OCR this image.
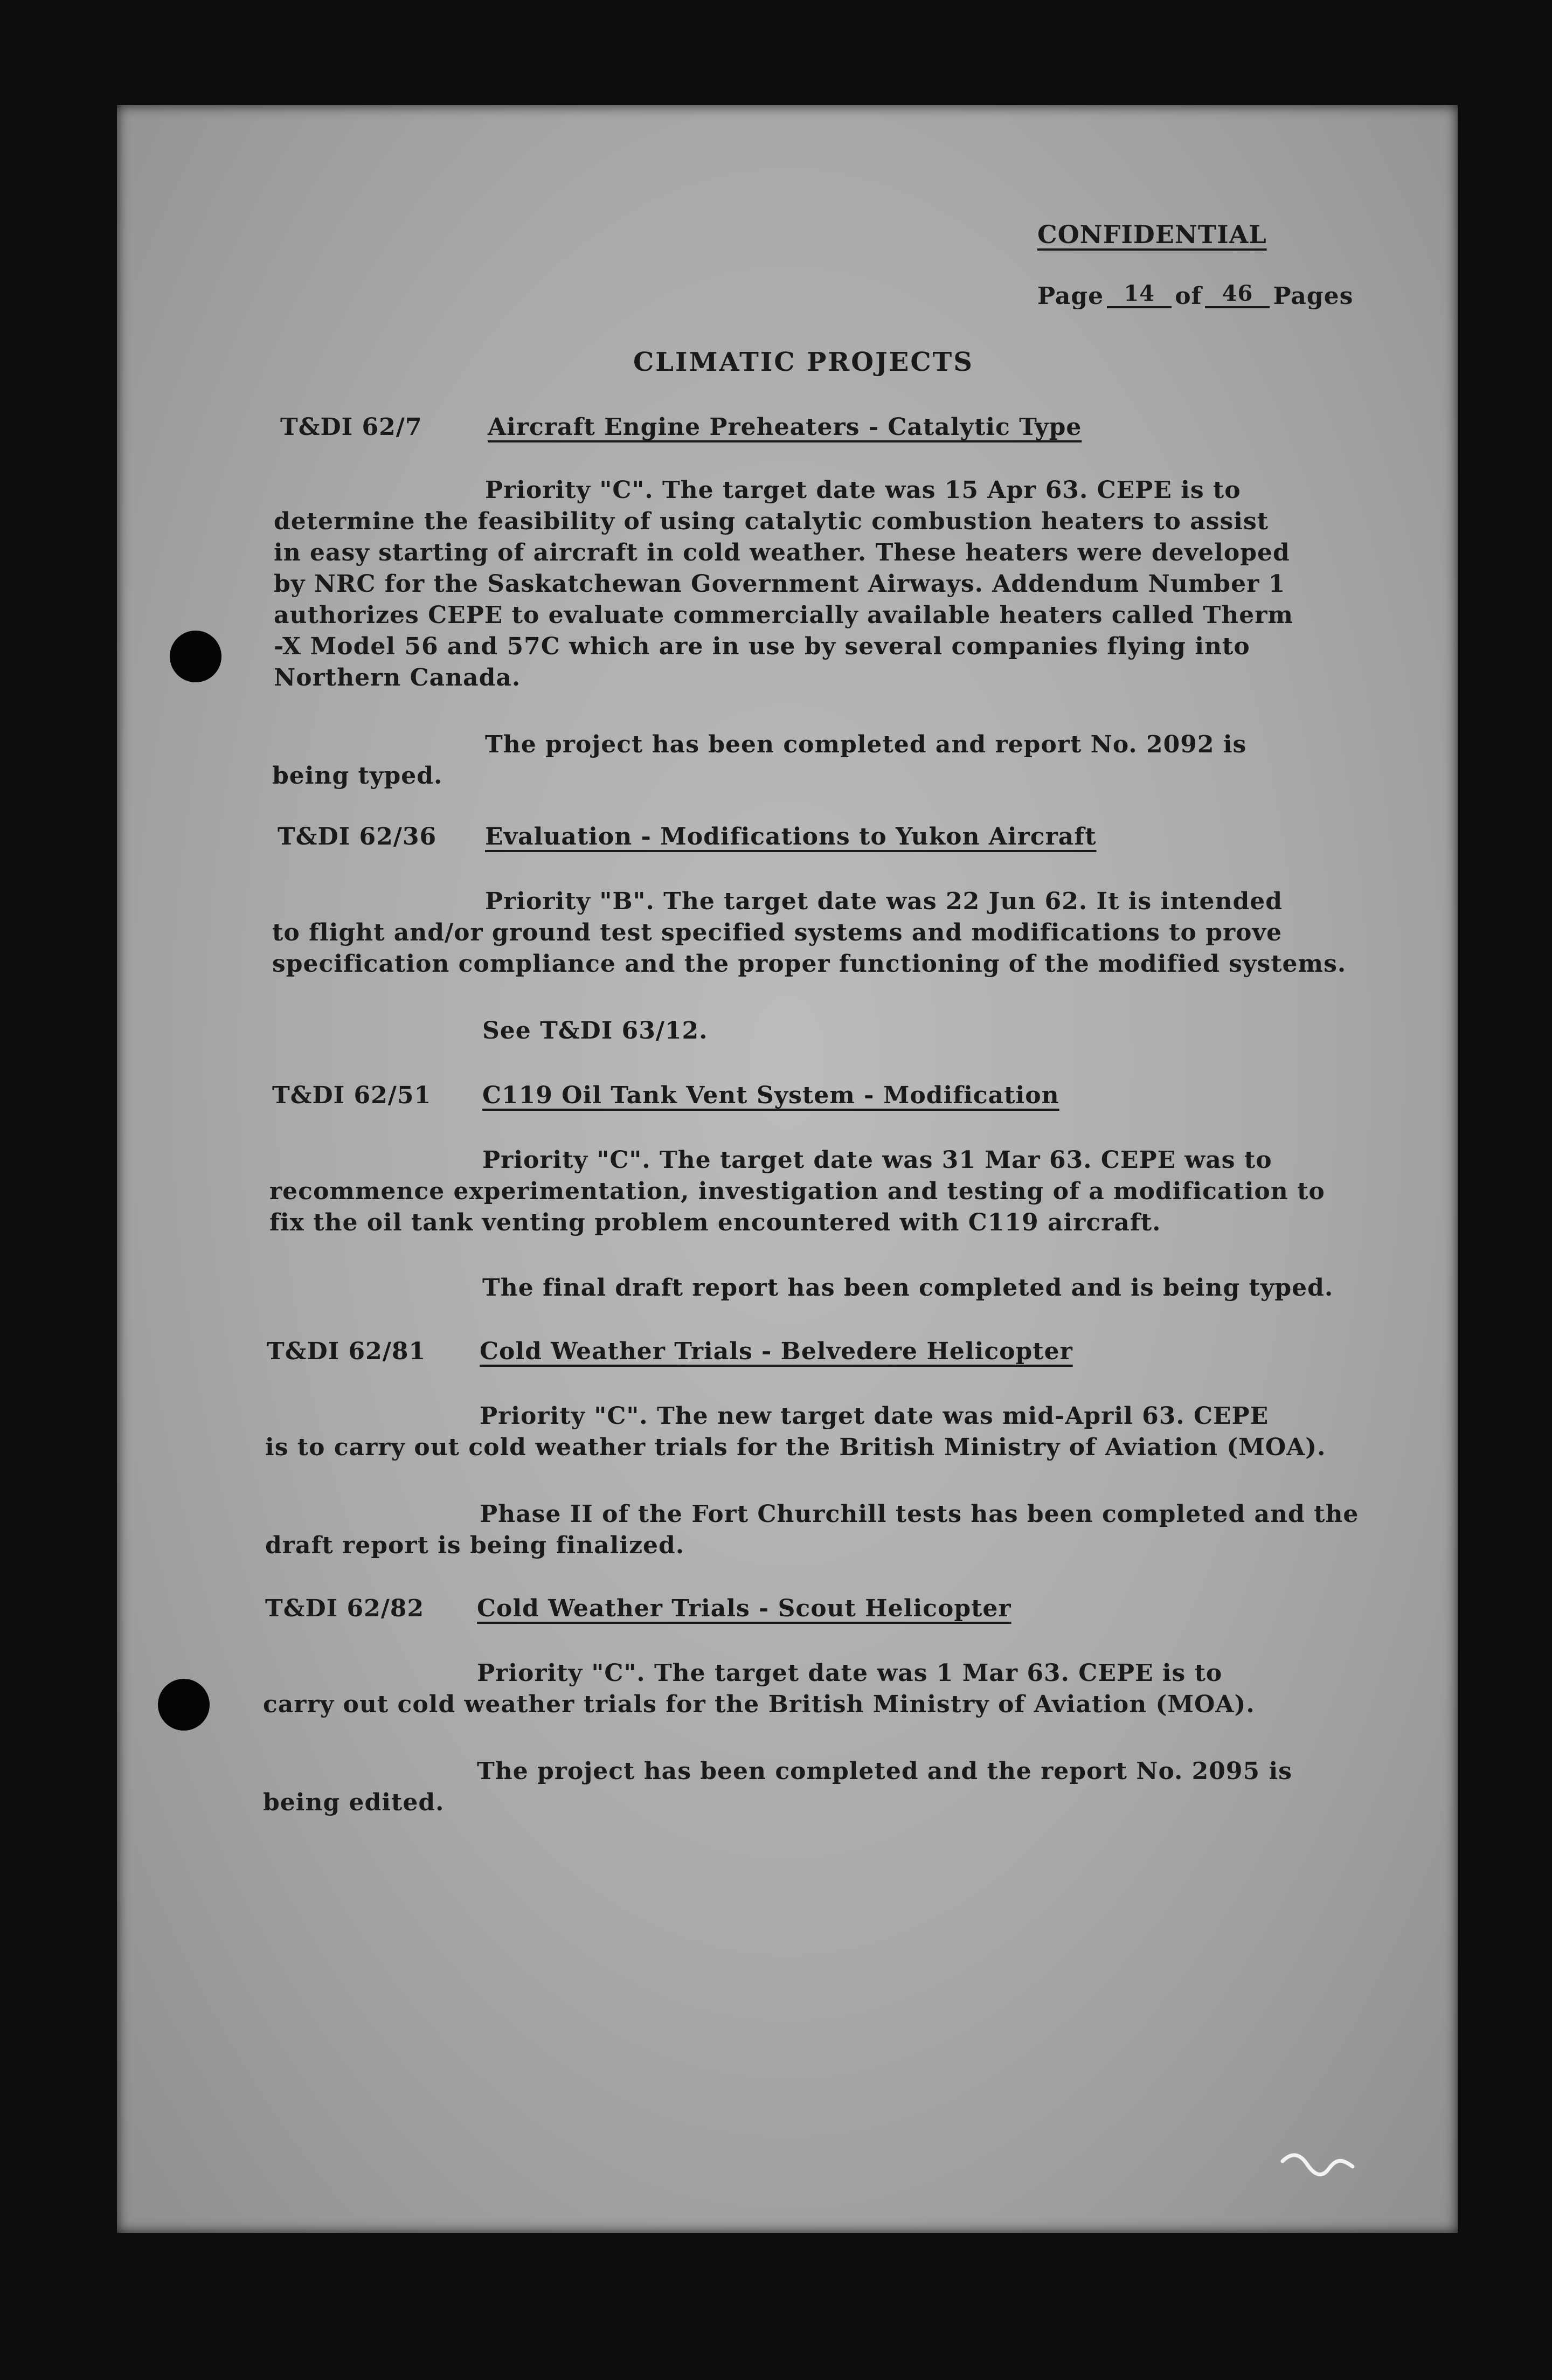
CONFIDENTIAL
Page 14 of 46 Pages
CLIMATIC PROJECTS
T&DI 62/7	Aircraft Engine Preheaters - Catalytic Type
Priority "C". The target date was 15 Apr 63. CEPE is to
determine the feasibility of using catalytic combustion heaters to assist
in easy starting of aircraft in cold weather. These heaters were developed
by NRC for the Saskatchewan Government Airways. Addendum Number 1
authorizes CEPE to evaluate commercially available heaters called Therm
-X Model 56 and 57C which are in use by several companies flying into
Northern Canada.
The project has been completed and report No. 2092 is
being typed.
T&DI 62/36 Evaluation - Modifications to Yukon Aircraft
Priority "B". The target date was 22 Jun 62. It is intended
to flight and/or ground test specified systems and modifications to prove
specification compliance and the proper functioning of the modified systems.
See T&DI 63/12.
T&DI 62/51 C119 Oil Tank Vent System - Modification
Priority "C". The target date was 31 Mar 63. CEPE was to
recommence experimentation, investigation and testing of a modification to
fix the oil tank venting problem encountered with C119 aircraft.
The final draft report has been completed and is being typed.
T&DI 62/81 Cold Weather Trials - Belvedere Helicopter
Priority "C". The new target date was mid-April 63. CEPE
is to carry out cold weather trials for the British Ministry of Aviation (MOA).
Phase II of the Fort Churchill tests has been completed and the
draft report is being finalized.
T&DI 62/82 Cold Weather Trials - Scout Helicopter
Priority "C". The target date was 1 Mar 63. CEPE is to
carry out cold weather trials for the British Ministry of Aviation (MOA).
The project has been completed and the report No. 2095 is
being edited.
